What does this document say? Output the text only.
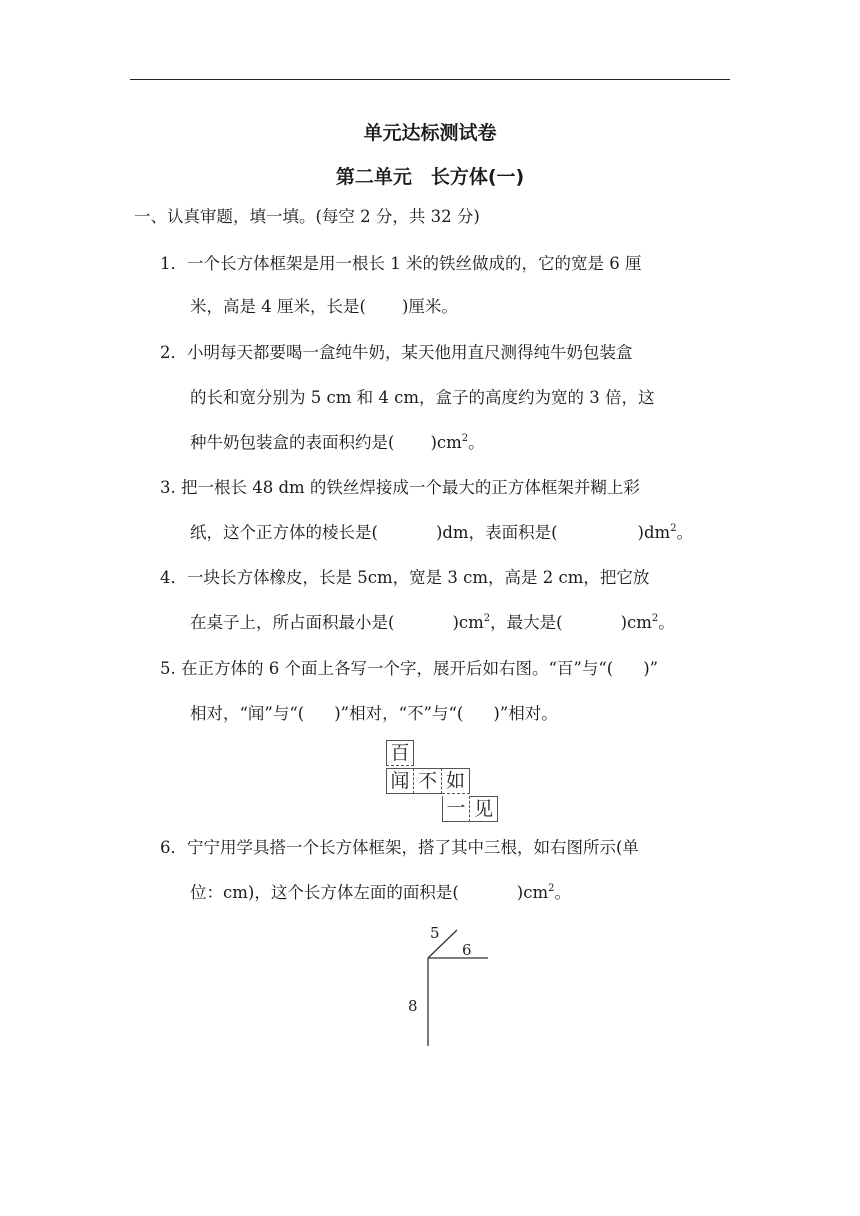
单元达标测试卷
第二单元　长方体(一)
一、认真审题，填一填。(每空 2 分，共 32 分)
1．一个长方体框架是用一根长 1 米的铁丝做成的，它的宽是 6 厘
米，高是 4 厘米，长是( )厘米。
2．小明每天都要喝一盒纯牛奶，某天他用直尺测得纯牛奶包装盒
的长和宽分别为 5 cm 和 4 cm，盒子的高度约为宽的 3 倍，这
种牛奶包装盒的表面积约是( )$cm^2$。
3. 把一根长 48 dm 的铁丝焊接成一个最大的正方体框架并糊上彩
纸，这个正方体的棱长是(	)dm，表面积是(	)$dm^2$。
4．一块长方体橡皮，长是 5cm，宽是 3 cm，高是 2 cm，把它放
在桌子上，所占面积最小是(	)$cm^2$，最大是(	)$cm^2$。
5. 在正方体的 6 个面上各写一个字，展开后如右图。“百”与“( )”
相对，“闻”与“( )”相对，“不”与“( )”相对。
百
闻 不 如
一 见
6．宁宁用学具搭一个长方体框架，搭了其中三根，如右图所示(单
位：cm)，这个长方体左面的面积是(	)$cm^2$。
5
6
8
